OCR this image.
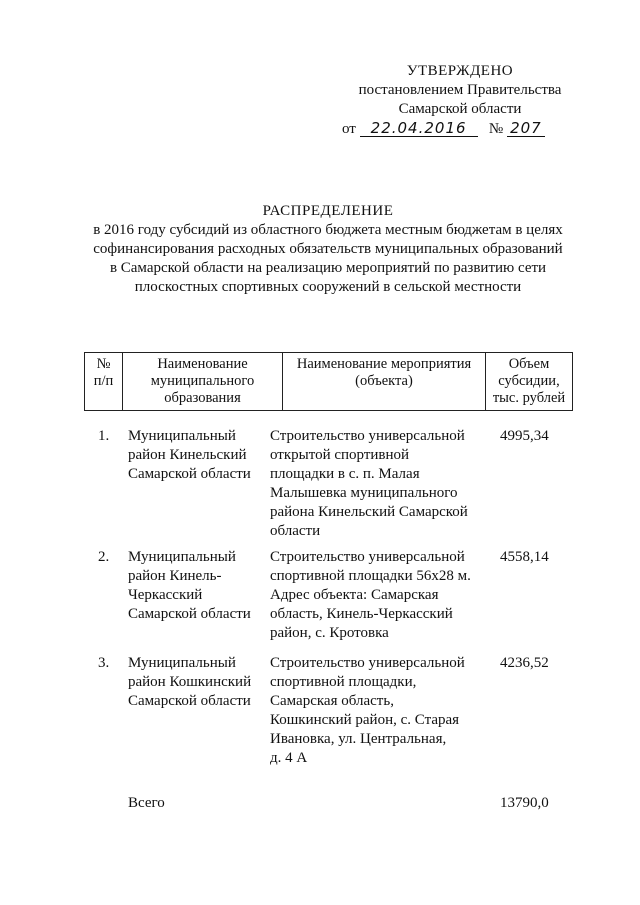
УТВЕРЖДЕНО
постановлением Правительства
Самарской области
от 22.04.2016 № 207
РАСПРЕДЕЛЕНИЕ
в 2016 году субсидий из областного бюджета местным бюджетам в целях
софинансирования расходных обязательств муниципальных образований
в Самарской области на реализацию мероприятий по развитию сети
плоскостных спортивных сооружений в сельской местности
№
п/п
Наименование
муниципального
образования
Наименование мероприятия
(объекта)
Объем
субсидии,
тыс. рублей
1. Муниципальный
район Кинельский
Самарской области
Строительство универсальной
открытой спортивной
площадки в с. п. Малая
Малышевка муниципального
района Кинельский Самарской
области
4995,34
2. Муниципальный
район Кинель-
Черкасский
Самарской области
Строительство универсальной
спортивной площадки 56х28 м.
Адрес объекта: Самарская
область, Кинель-Черкасский
район, с. Кротовка
4558,14
3. Муниципальный
район Кошкинский
Самарской области
Строительство универсальной
спортивной площадки,
Самарская область,
Кошкинский район, с. Старая
Ивановка, ул. Центральная,
д. 4 А
4236,52
Всего	13790,0
